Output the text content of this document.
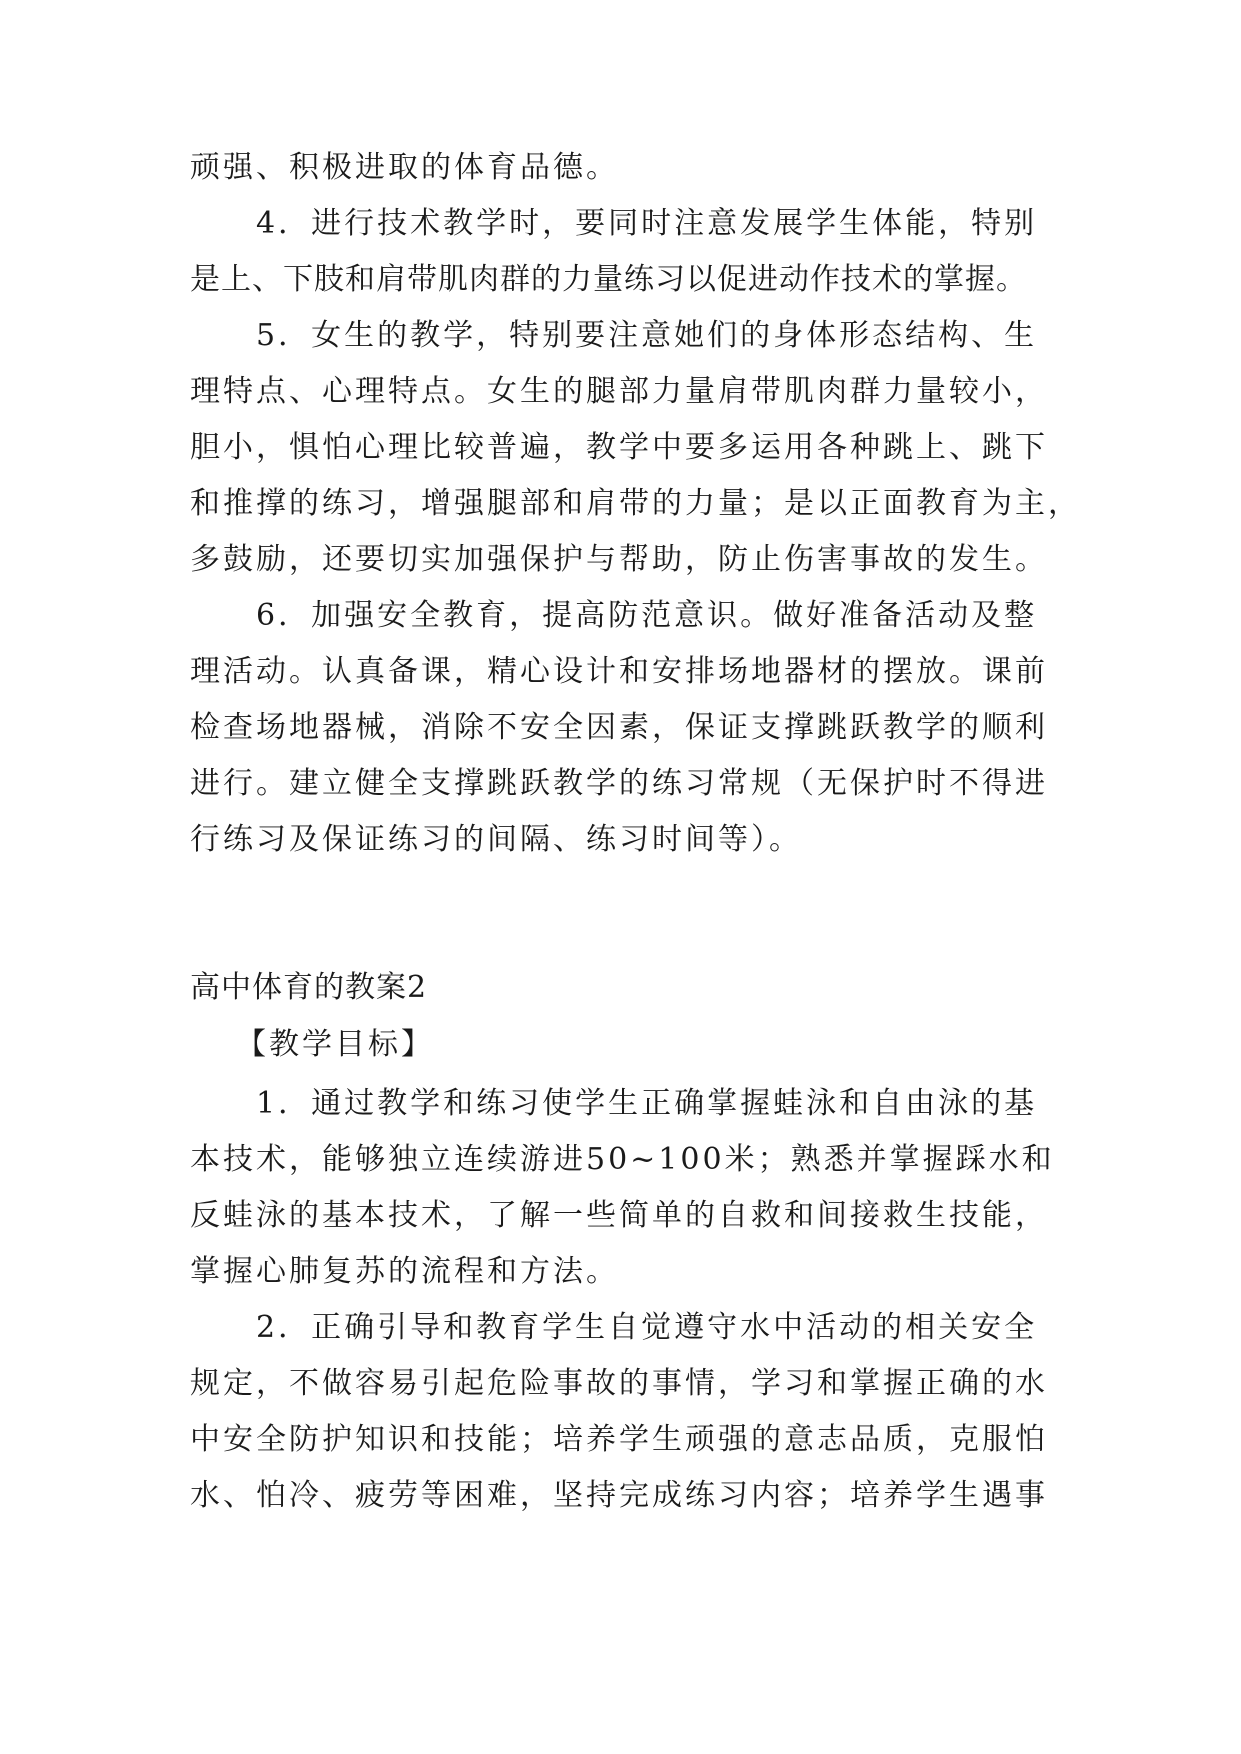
顽强、积极进取的体育品德。

4．进行技术教学时，要同时注意发展学生体能，特别

是上、下肢和肩带肌肉群的力量练习以促进动作技术的掌握。

5．女生的教学，特别要注意她们的身体形态结构、生

理特点、心理特点。女生的腿部力量肩带肌肉群力量较小，

胆小，惧怕心理比较普遍，教学中要多运用各种跳上、跳下

和推撑的练习，增强腿部和肩带的力量；是以正面教育为主，

多鼓励，还要切实加强保护与帮助，防止伤害事故的发生。

6．加强安全教育，提高防范意识。做好准备活动及整

理活动。认真备课，精心设计和安排场地器材的摆放。课前

检查场地器械，消除不安全因素，保证支撑跳跃教学的顺利

进行。建立健全支撑跳跃教学的练习常规（无保护时不得进

行练习及保证练习的间隔、练习时间等）。

高中体育的教案2

【教学目标】

1．通过教学和练习使学生正确掌握蛙泳和自由泳的基

本技术，能够独立连续游进50~100米；熟悉并掌握踩水和

反蛙泳的基本技术，了解一些简单的自救和间接救生技能，

掌握心肺复苏的流程和方法。

2．正确引导和教育学生自觉遵守水中活动的相关安全

规定，不做容易引起危险事故的事情，学习和掌握正确的水

中安全防护知识和技能；培养学生顽强的意志品质，克服怕

水、怕冷、疲劳等困难，坚持完成练习内容；培养学生遇事
